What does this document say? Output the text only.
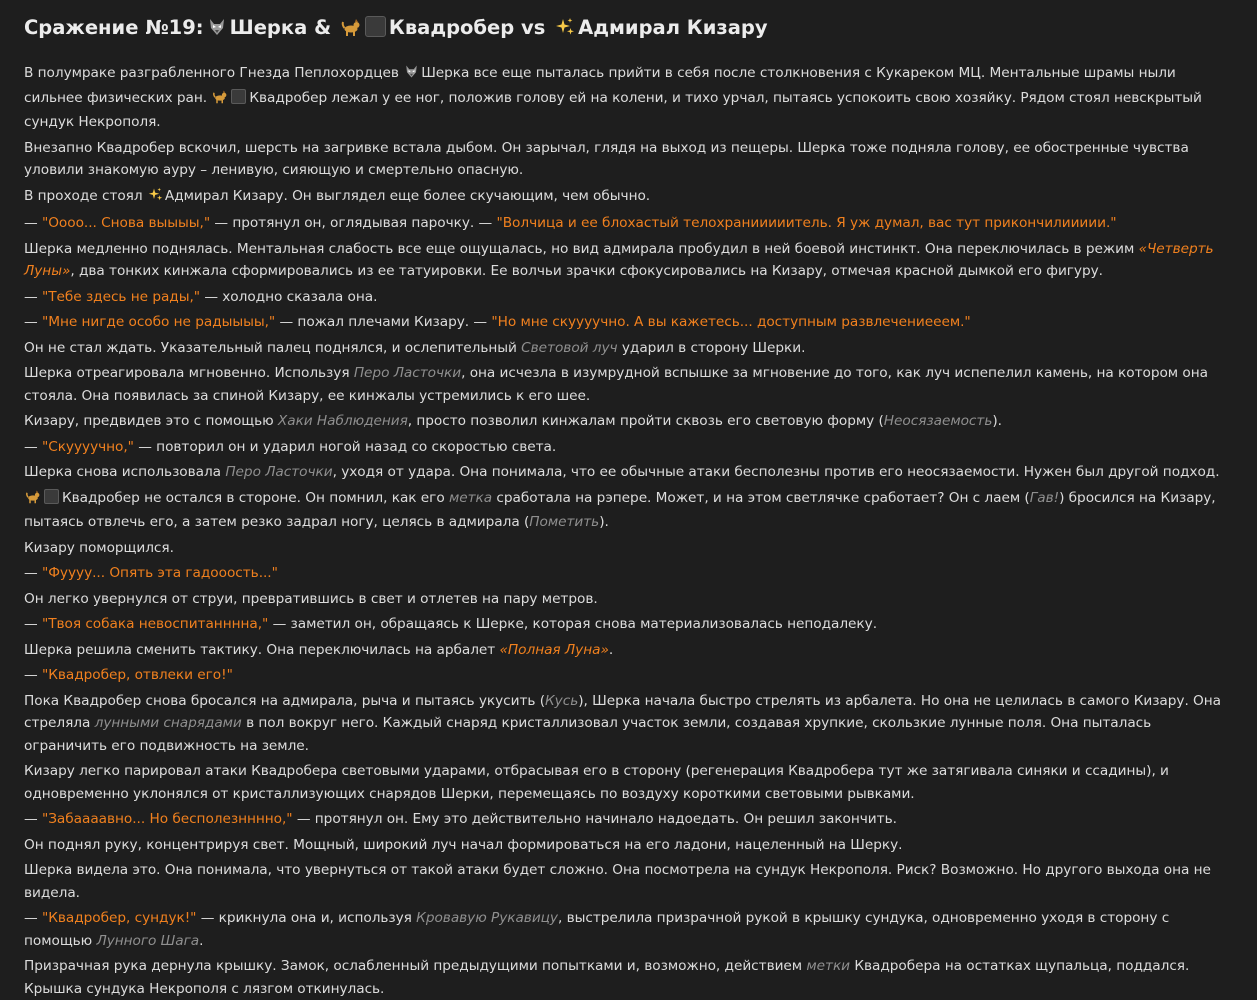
Сражение №19: Шерка &	Квадробер vs Адмирал Кизару

В полумраке разграбленного Гнезда Пеплохордцев Шерка все еще пыталась прийти в себя после столкновения с Кукареком МЦ. Ментальные шрамы ныли сильнее физических ран.	Квадробер лежал у ее ног, положив голову ей на колени, и тихо урчал, пытаясь успокоить свою хозяйку. Рядом стоял невскрытый сундук Некрополя.

Внезапно Квадробер вскочил, шерсть на загривке встала дыбом. Он зарычал, глядя на выход из пещеры. Шерка тоже подняла голову, ее обостренные чувства уловили знакомую ауру – ленивую, сияющую и смертельно опасную.

В проходе стоял Адмирал Кизару. Он выглядел еще более скучающим, чем обычно.

— "Оооо... Снова выыыы," — протянул он, оглядывая парочку. — "Волчица и ее блохастый телохранииииитель. Я уж думал, вас тут прикончилиииии."

Шерка медленно поднялась. Ментальная слабость все еще ощущалась, но вид адмирала пробудил в ней боевой инстинкт. Она переключилась в режим «Четверть Луны», два тонких кинжала сформировались из ее татуировки. Ее волчьи зрачки сфокусировались на Кизару, отмечая красной дымкой его фигуру.

— "Тебе здесь не рады," — холодно сказала она.

— "Мне нигде особо не радыыыы," — пожал плечами Кизару. — "Но мне скуууучно. А вы кажетесь... доступным развлечениееем."

Он не стал ждать. Указательный палец поднялся, и ослепительный Световой луч ударил в сторону Шерки.

Шерка отреагировала мгновенно. Используя Перо Ласточки, она исчезла в изумрудной вспышке за мгновение до того, как луч испепелил камень, на котором она стояла. Она появилась за спиной Кизару, ее кинжалы устремились к его шее.

Кизару, предвидев это с помощью Хаки Наблюдения, просто позволил кинжалам пройти сквозь его световую форму (Неосязаемость).

— "Скуууучно," — повторил он и ударил ногой назад со скоростью света.

Шерка снова использовала Перо Ласточки, уходя от удара. Она понимала, что ее обычные атаки бесполезны против его неосязаемости. Нужен был другой подход.

Квадробер не остался в стороне. Он помнил, как его метка сработала на рэпере. Может, и на этом светлячке сработает? Он с лаем (Гав!) бросился на Кизару, пытаясь отвлечь его, а затем резко задрал ногу, целясь в адмирала (Пометить).

Кизару поморщился.

— "Фуууу... Опять эта гадооость..."

Он легко увернулся от струи, превратившись в свет и отлетев на пару метров.

— "Твоя собака невоспитанннна," — заметил он, обращаясь к Шерке, которая снова материализовалась неподалеку.

Шерка решила сменить тактику. Она переключилась на арбалет «Полная Луна».

— "Квадробер, отвлеки его!"

Пока Квадробер снова бросался на адмирала, рыча и пытаясь укусить (Кусь), Шерка начала быстро стрелять из арбалета. Но она не целилась в самого Кизару. Она стреляла лунными снарядами в пол вокруг него. Каждый снаряд кристаллизовал участок земли, создавая хрупкие, скользкие лунные поля. Она пыталась ограничить его подвижность на земле.

Кизару легко парировал атаки Квадробера световыми ударами, отбрасывая его в сторону (регенерация Квадробера тут же затягивала синяки и ссадины), и одновременно уклонялся от кристаллизующих снарядов Шерки, перемещаясь по воздуху короткими световыми рывками.

— "Забаааавно... Но бесполезнннно," — протянул он. Ему это действительно начинало надоедать. Он решил закончить.

Он поднял руку, концентрируя свет. Мощный, широкий луч начал формироваться на его ладони, нацеленный на Шерку.

Шерка видела это. Она понимала, что увернуться от такой атаки будет сложно. Она посмотрела на сундук Некрополя. Риск? Возможно. Но другого выхода она не видела.

— "Квадробер, сундук!" — крикнула она и, используя Кровавую Рукавицу, выстрелила призрачной рукой в крышку сундука, одновременно уходя в сторону с помощью Лунного Шага.

Призрачная рука дернула крышку. Замок, ослабленный предыдущими попытками и, возможно, действием метки Квадробера на остатках щупальца, поддался. Крышка сундука Некрополя с лязгом откинулась.
